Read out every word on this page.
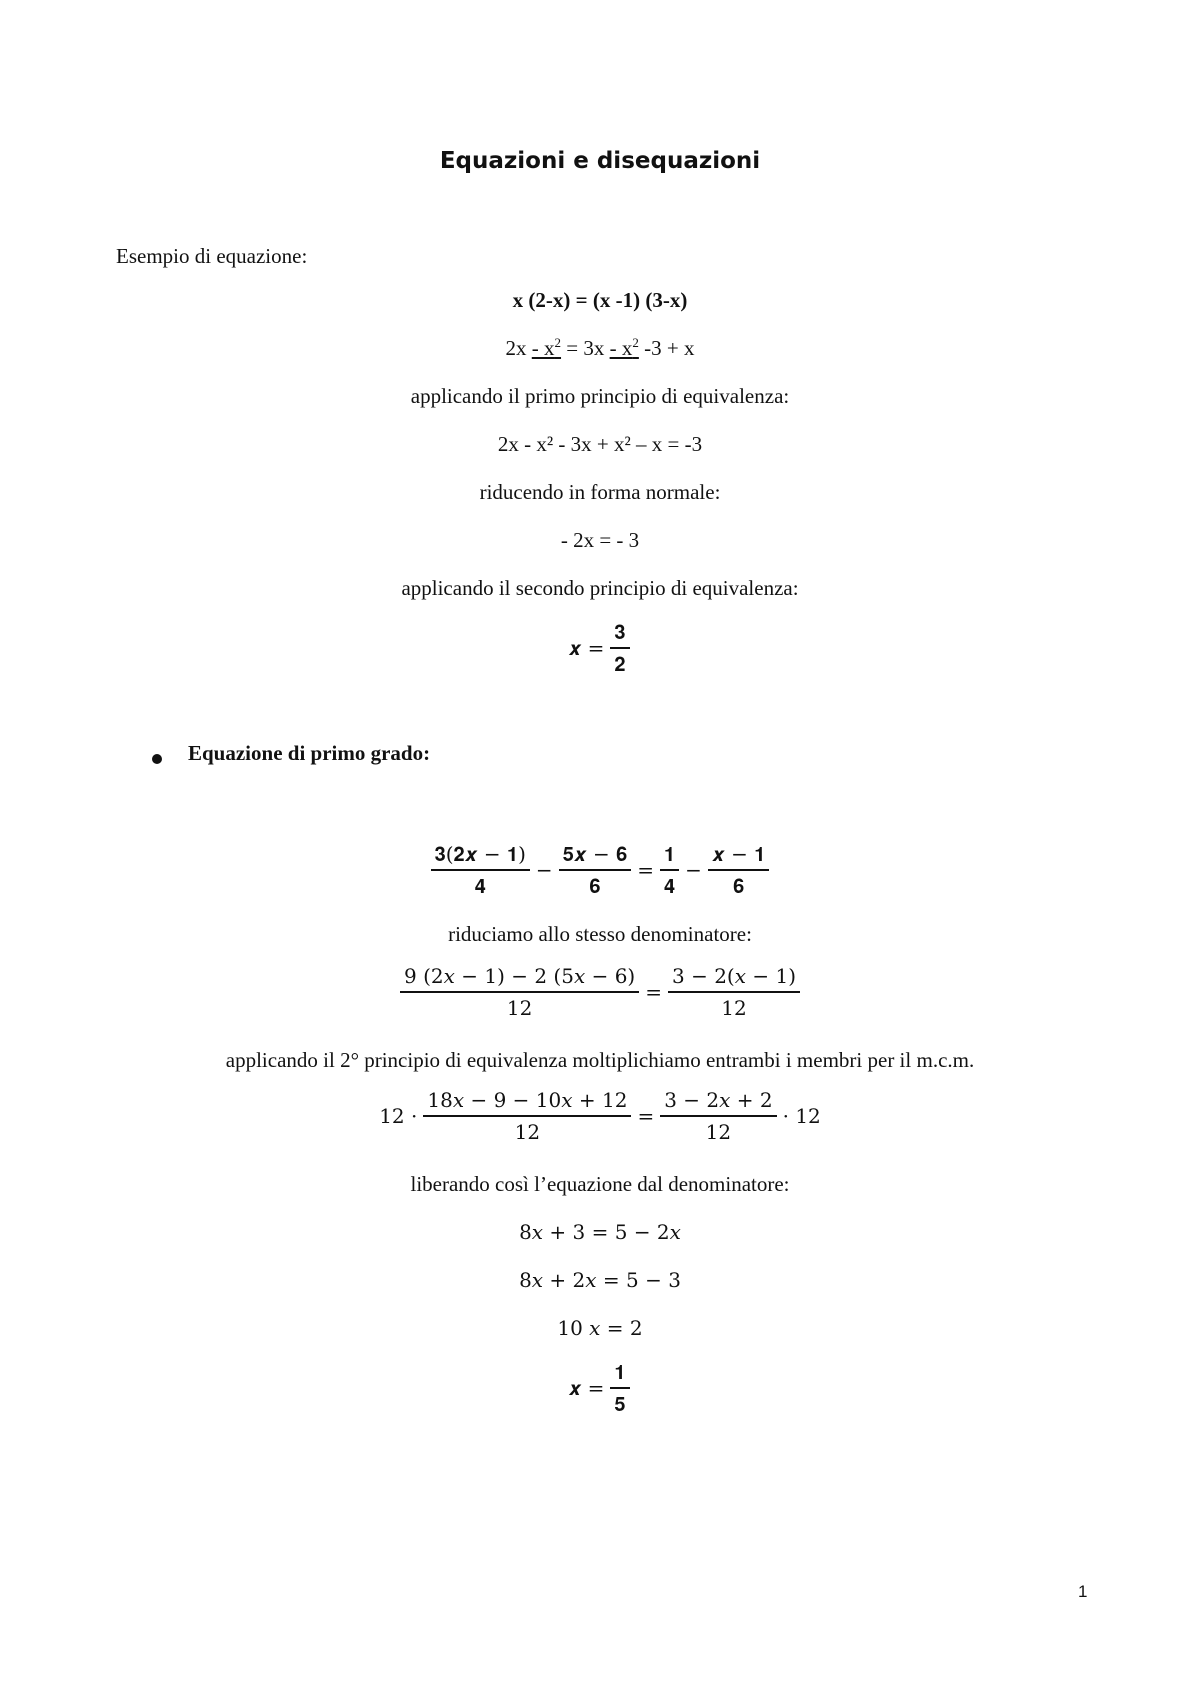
Equazioni e disequazioni
Esempio di equazione:
x (2-x) = (x -1) (3-x)
$2x - x^2 = 3x - x^2$ -3 + x
applicando il primo principio di equivalenza:
2x - x² - 3x + x² – x = -3
riducendo in forma normale:
- 2x = - 3
applicando il secondo principio di equivalenza:
𝒙 = $\frac{𝟑}{𝟐}$
Equazione di primo grado:
$\frac{\text{𝟑(𝟐𝒙 − 𝟏)}}{𝟒} - \frac{\text{𝟓𝒙 − 𝟔}}{𝟔} = \frac{𝟏}{𝟒} - \frac{\text{𝒙 − 𝟏}}{𝟔}$
riduciamo allo stesso denominatore:
$\frac{\text{9 (2𝑥 − 1) − 2 (5𝑥 − 6)}}{12} = \frac{\text{3 − 2(𝑥 − 1)}}{12}$
applicando il 2° principio di equivalenza moltiplichiamo entrambi i membri per il m.c.m.
$12 \cdot \frac{\text{18𝑥 − 9 − 10𝑥 + 12}}{12} = \frac{\text{3 − 2𝑥 + 2}}{12} \cdot 12$
liberando così l’equazione dal denominatore:
8𝑥 + 3 = 5 − 2𝑥
8𝑥 + 2𝑥 = 5 − 3
10 𝑥 = 2
𝒙 = $\frac{𝟏}{𝟓}$
1
